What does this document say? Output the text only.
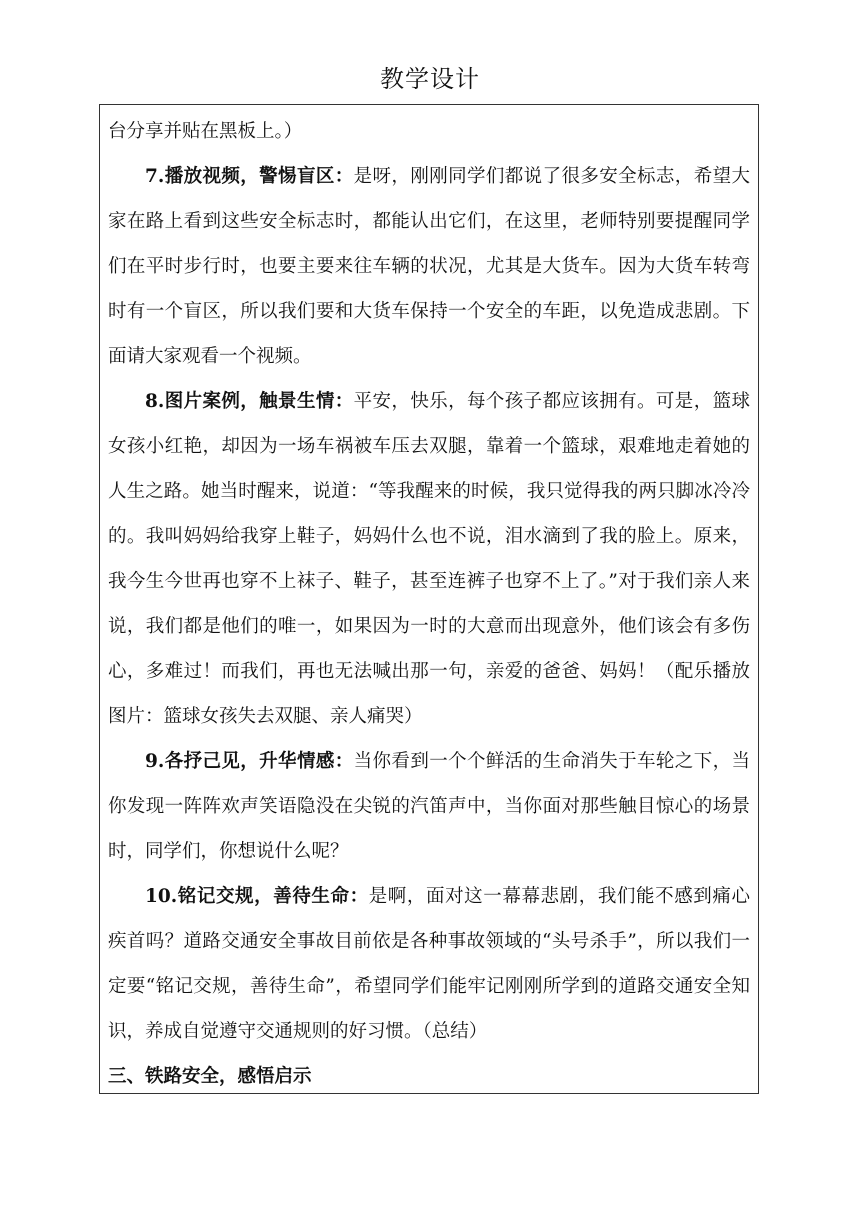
教学设计

台分享并贴在黑板上。）

7.播放视频，警惕盲区：是呀，刚刚同学们都说了很多安全标志，希望大家在路上看到这些安全标志时，都能认出它们，在这里，老师特别要提醒同学们在平时步行时，也要主要来往车辆的状况，尤其是大货车。因为大货车转弯时有一个盲区，所以我们要和大货车保持一个安全的车距，以免造成悲剧。下面请大家观看一个视频。

8.图片案例，触景生情：平安，快乐，每个孩子都应该拥有。可是，篮球女孩小红艳，却因为一场车祸被车压去双腿，靠着一个篮球，艰难地走着她的人生之路。她当时醒来，说道：“等我醒来的时候，我只觉得我的两只脚冰冷冷的。我叫妈妈给我穿上鞋子，妈妈什么也不说，泪水滴到了我的脸上。原来，我今生今世再也穿不上袜子、鞋子，甚至连裤子也穿不上了。”对于我们亲人来说，我们都是他们的唯一，如果因为一时的大意而出现意外，他们该会有多伤心，多难过！而我们，再也无法喊出那一句，亲爱的爸爸、妈妈！（配乐播放图片：篮球女孩失去双腿、亲人痛哭）

9.各抒己见，升华情感：当你看到一个个鲜活的生命消失于车轮之下，当你发现一阵阵欢声笑语隐没在尖锐的汽笛声中，当你面对那些触目惊心的场景时，同学们，你想说什么呢？

10.铭记交规，善待生命：是啊，面对这一幕幕悲剧，我们能不感到痛心疾首吗？道路交通安全事故目前依是各种事故领域的“头号杀手”，所以我们一定要“铭记交规，善待生命”，希望同学们能牢记刚刚所学到的道路交通安全知识，养成自觉遵守交通规则的好习惯。（总结）

三、铁路安全，感悟启示
